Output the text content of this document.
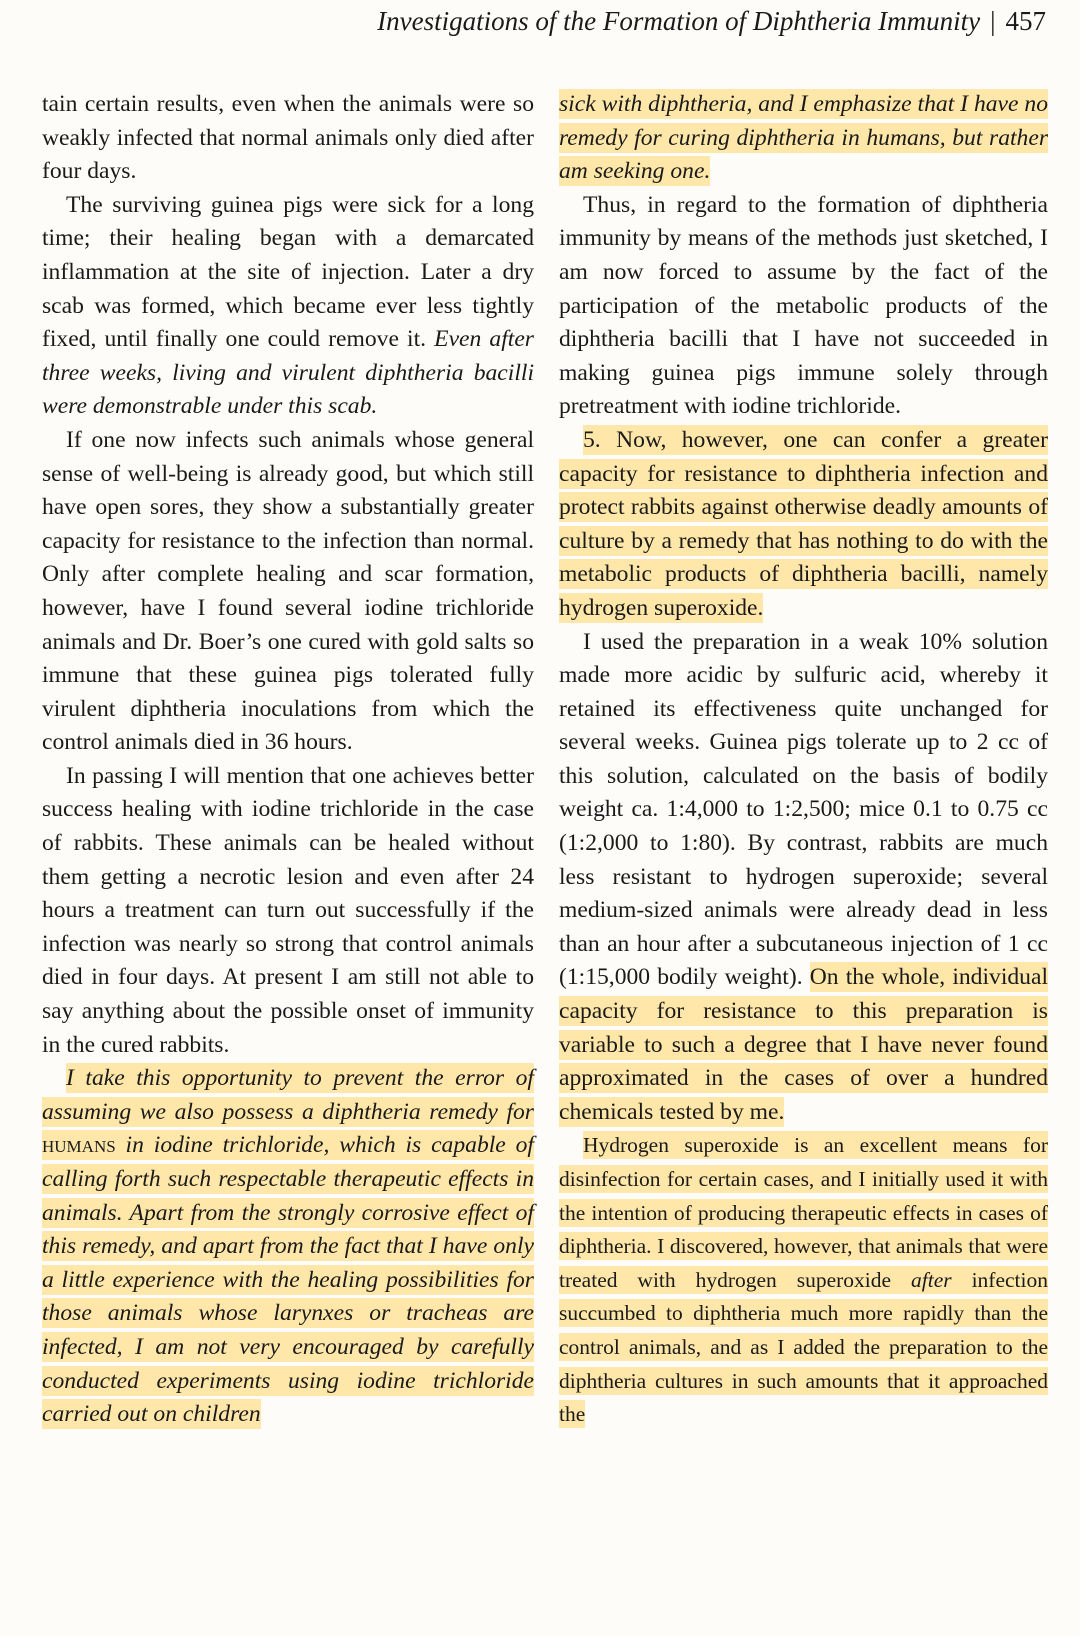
Investigations of the Formation of Diphtheria Immunity | 457

tain certain results, even when the animals were so weakly infected that normal animals only died after four days.

The surviving guinea pigs were sick for a long time; their healing began with a demarcated inflammation at the site of injection. Later a dry scab was formed, which became ever less tightly fixed, until finally one could remove it. Even after three weeks, living and virulent diphtheria bacilli were demonstrable under this scab.

If one now infects such animals whose general sense of well-being is already good, but which still have open sores, they show a substantially greater capacity for resistance to the infection than normal. Only after complete healing and scar formation, however, have I found several iodine trichloride animals and Dr. Boer’s one cured with gold salts so immune that these guinea pigs tolerated fully virulent diphtheria inoculations from which the control animals died in 36 hours.

In passing I will mention that one achieves better success healing with iodine trichloride in the case of rabbits. These animals can be healed without them getting a necrotic lesion and even after 24 hours a treatment can turn out successfully if the infection was nearly so strong that control animals died in four days. At present I am still not able to say anything about the possible onset of immunity in the cured rabbits.

I take this opportunity to prevent the error of assuming we also possess a diphtheria remedy for humans in iodine trichloride, which is capable of calling forth such respectable therapeutic effects in animals. Apart from the strongly corrosive effect of this remedy, and apart from the fact that I have only a little experience with the healing possibilities for those animals whose larynxes or tracheas are infected, I am not very encouraged by carefully conducted experiments using iodine trichloride carried out on children

sick with diphtheria, and I emphasize that I have no remedy for curing diphtheria in humans, but rather am seeking one.

Thus, in regard to the formation of diphtheria immunity by means of the methods just sketched, I am now forced to assume by the fact of the participation of the metabolic products of the diphtheria bacilli that I have not succeeded in making guinea pigs immune solely through pretreatment with iodine trichloride.

5. Now, however, one can confer a greater capacity for resistance to diphtheria infection and protect rabbits against otherwise deadly amounts of culture by a remedy that has nothing to do with the metabolic products of diphtheria bacilli, namely hydrogen superoxide.

I used the preparation in a weak 10% solution made more acidic by sulfuric acid, whereby it retained its effectiveness quite unchanged for several weeks. Guinea pigs tolerate up to 2 cc of this solution, calculated on the basis of bodily weight ca. 1:4,000 to 1:2,500; mice 0.1 to 0.75 cc (1:2,000 to 1:80). By contrast, rabbits are much less resistant to hydrogen superoxide; several medium-sized animals were already dead in less than an hour after a subcutaneous injection of 1 cc (1:15,000 bodily weight). On the whole, individual capacity for resistance to this preparation is variable to such a degree that I have never found approximated in the cases of over a hundred chemicals tested by me.

Hydrogen superoxide is an excellent means for disinfection for certain cases, and I initially used it with the intention of producing therapeutic effects in cases of diphtheria. I discovered, however, that animals that were treated with hydrogen superoxide after infection succumbed to diphtheria much more rapidly than the control animals, and as I added the preparation to the diphtheria cultures in such amounts that it approached the
